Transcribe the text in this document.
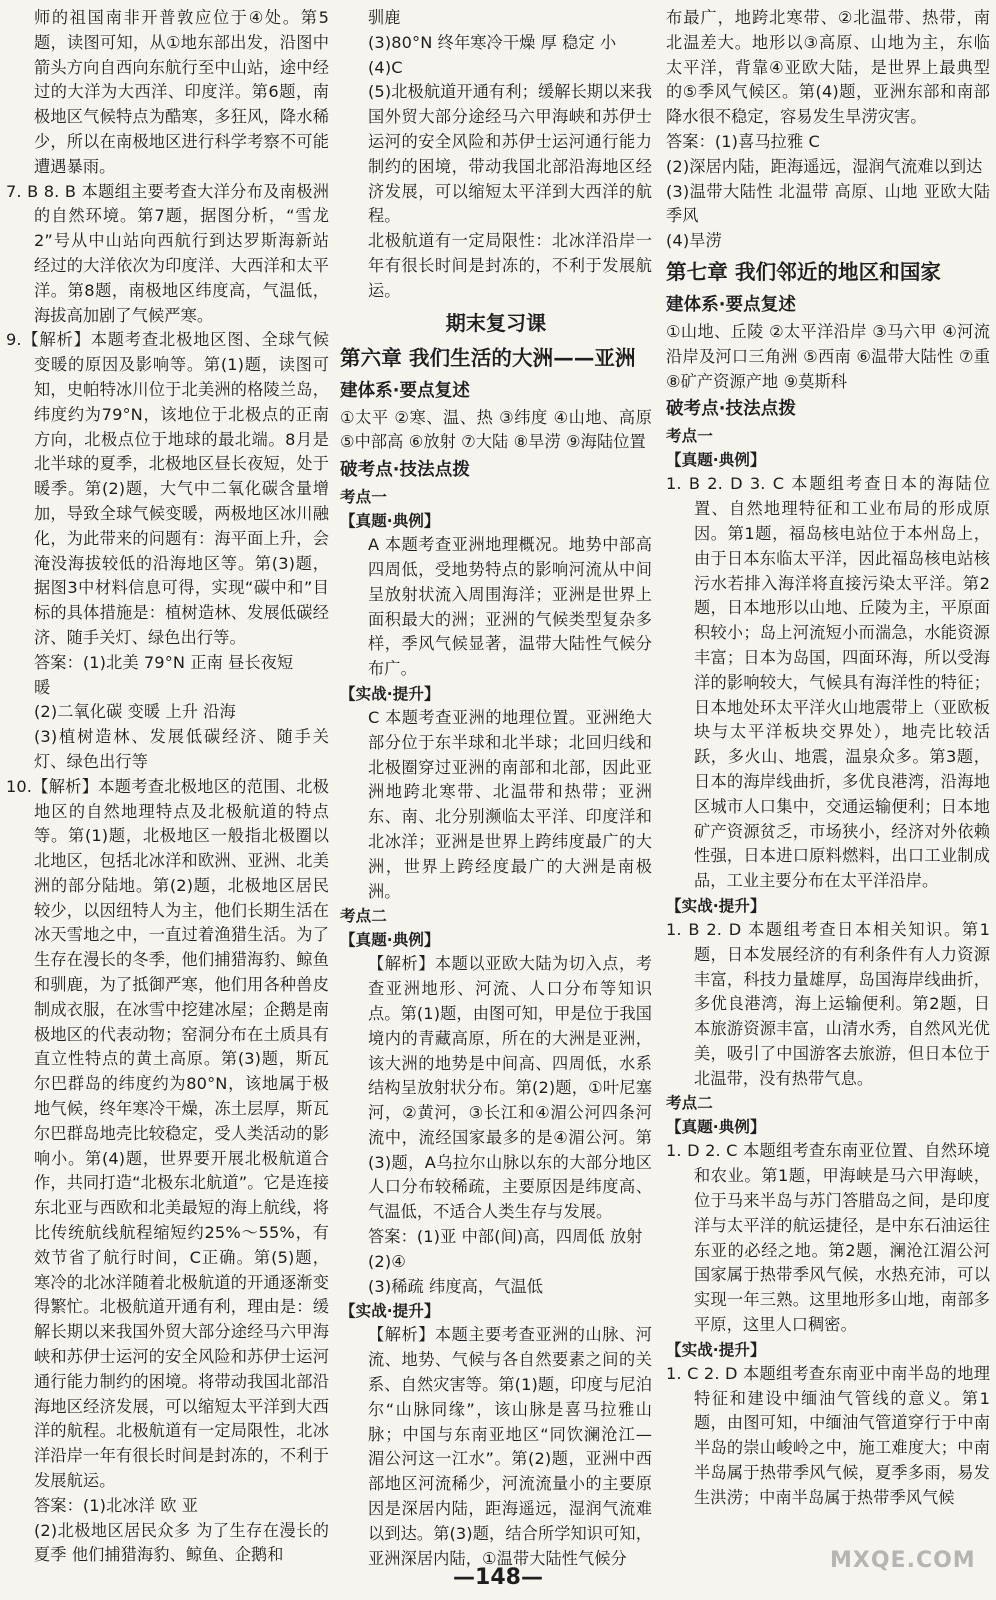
师的祖国南非开普敦应位于④处。第5题，读图可知，从①地东部出发，沿图中箭头方向自西向东航行至中山站，途中经过的大洋为大西洋、印度洋。第6题，南极地区气候特点为酷寒，多狂风，降水稀少，所以在南极地区进行科学考察不可能遭遇暴雨。

7. B 8. B 本题组主要考查大洋分布及南极洲的自然环境。第7题，据图分析，“雪龙2”号从中山站向西航行到达罗斯海新站经过的大洋依次为印度洋、大西洋和太平洋。第8题，南极地区纬度高，气温低，海拔高加剧了气候严寒。

9.【解析】本题考查北极地区图、全球气候变暖的原因及影响等。第(1)题，读图可知，史帕特冰川位于北美洲的格陵兰岛，纬度约为79°N，该地位于北极点的正南方向，北极点位于地球的最北端。8月是北半球的夏季，北极地区昼长夜短，处于暖季。第(2)题，大气中二氧化碳含量增加，导致全球气候变暖，两极地区冰川融化，为此带来的问题有：海平面上升，会淹没海拔较低的沿海地区等。第(3)题，据图3中材料信息可得，实现“碳中和”目标的具体措施是：植树造林、发展低碳经济、随手关灯、绿色出行等。

答案：(1)北美 79°N 正南 昼长夜短

暖

(2)二氧化碳 变暖 上升 沿海

(3)植树造林、发展低碳经济、随手关灯、绿色出行等

10.【解析】本题考查北极地区的范围、北极地区的自然地理特点及北极航道的特点等。第(1)题，北极地区一般指北极圈以北地区，包括北冰洋和欧洲、亚洲、北美洲的部分陆地。第(2)题，北极地区居民较少，以因纽特人为主，他们长期生活在冰天雪地之中，一直过着渔猎生活。为了生存在漫长的冬季，他们捕猎海豹、鲸鱼和驯鹿，为了抵御严寒，他们用各种兽皮制成衣服，在冰雪中挖建冰屋；企鹅是南极地区的代表动物；窑洞分布在土质具有直立性特点的黄土高原。第(3)题，斯瓦尔巴群岛的纬度约为80°N，该地属于极地气候，终年寒冷干燥，冻土层厚，斯瓦尔巴群岛地壳比较稳定，受人类活动的影响小。第(4)题，世界要开展北极航道合作，共同打造“北极东北航道”。它是连接东北亚与西欧和北美最短的海上航线，将比传统航线航程缩短约25%～55%，有效节省了航行时间，C正确。第(5)题，寒冷的北冰洋随着北极航道的开通逐渐变得繁忙。北极航道开通有利，理由是：缓解长期以来我国外贸大部分途经马六甲海峡和苏伊士运河的安全风险和苏伊士运河通行能力制约的困境。将带动我国北部沿海地区经济发展，可以缩短太平洋到大西洋的航程。北极航道有一定局限性，北冰洋沿岸一年有很长时间是封冻的，不利于发展航运。

答案：(1)北冰洋 欧 亚

(2)北极地区居民众多 为了生存在漫长的夏季 他们捕猎海豹、鲸鱼、企鹅和

驯鹿

(3)80°N 终年寒冷干燥 厚 稳定 小

(4)C

(5)北极航道开通有利；缓解长期以来我国外贸大部分途经马六甲海峡和苏伊士运河的安全风险和苏伊士运河通行能力制约的困境，带动我国北部沿海地区经济发展，可以缩短太平洋到大西洋的航程。

北极航道有一定局限性：北冰洋沿岸一年有很长时间是封冻的，不利于发展航运。

期末复习课

第六章 我们生活的大洲——亚洲

建体系·要点复述

①太平 ②寒、温、热 ③纬度 ④山地、高原 ⑤中部高 ⑥放射 ⑦大陆 ⑧旱涝 ⑨海陆位置

破考点·技法点拨

考点一

【真题·典例】

A 本题考查亚洲地理概况。地势中部高四周低，受地势特点的影响河流从中间呈放射状流入周围海洋；亚洲是世界上面积最大的洲；亚洲的气候类型复杂多样，季风气候显著，温带大陆性气候分布广。

【实战·提升】

C 本题考查亚洲的地理位置。亚洲绝大部分位于东半球和北半球；北回归线和北极圈穿过亚洲的南部和北部，因此亚洲地跨北寒带、北温带和热带；亚洲东、南、北分别濒临太平洋、印度洋和北冰洋；亚洲是世界上跨纬度最广的大洲，世界上跨经度最广的大洲是南极洲。

考点二

【真题·典例】

【解析】本题以亚欧大陆为切入点，考查亚洲地形、河流、人口分布等知识点。第(1)题，由图可知，甲是位于我国境内的青藏高原，所在的大洲是亚洲，该大洲的地势是中间高、四周低，水系结构呈放射状分布。第(2)题，①叶尼塞河，②黄河，③长江和④湄公河四条河流中，流经国家最多的是④湄公河。第(3)题，A乌拉尔山脉以东的大部分地区人口分布较稀疏，主要原因是纬度高、气温低，不适合人类生存与发展。

答案：(1)亚 中部(间)高，四周低 放射

(2)④

(3)稀疏 纬度高，气温低

【实战·提升】

【解析】本题主要考查亚洲的山脉、河流、地势、气候与各自然要素之间的关系、自然灾害等。第(1)题，印度与尼泊尔“山脉同缘”，该山脉是喜马拉雅山脉；中国与东南亚地区“同饮澜沧江—湄公河这一江水”。第(2)题，亚洲中西部地区河流稀少，河流流量小的主要原因是深居内陆，距海遥远，湿润气流难以到达。第(3)题，结合所学知识可知，亚洲深居内陆，①温带大陆性气候分

布最广，地跨北寒带、②北温带、热带，南北温差大。地形以③高原、山地为主，东临太平洋，背靠④亚欧大陆，是世界上最典型的⑤季风气候区。第(4)题，亚洲东部和南部降水很不稳定，容易发生旱涝灾害。

答案：(1)喜马拉雅 C

(2)深居内陆，距海遥远，湿润气流难以到达

(3)温带大陆性 北温带 高原、山地 亚欧大陆 季风

(4)旱涝

第七章 我们邻近的地区和国家

建体系·要点复述

①山地、丘陵 ②太平洋沿岸 ③马六甲 ④河流沿岸及河口三角洲 ⑤西南 ⑥温带大陆性 ⑦重 ⑧矿产资源产地 ⑨莫斯科

破考点·技法点拨

考点一

【真题·典例】

1. B 2. D 3. C 本题组考查日本的海陆位置、自然地理特征和工业布局的形成原因。第1题，福岛核电站位于本州岛上，由于日本东临太平洋，因此福岛核电站核污水若排入海洋将直接污染太平洋。第2题，日本地形以山地、丘陵为主，平原面积较小；岛上河流短小而湍急，水能资源丰富；日本为岛国，四面环海，所以受海洋的影响较大，气候具有海洋性的特征；日本地处环太平洋火山地震带上（亚欧板块与太平洋板块交界处），地壳比较活跃，多火山、地震，温泉众多。第3题，日本的海岸线曲折，多优良港湾，沿海地区城市人口集中，交通运输便利；日本地矿产资源贫乏，市场狭小，经济对外依赖性强，日本进口原料燃料，出口工业制成品，工业主要分布在太平洋沿岸。

【实战·提升】

1. B 2. D 本题组考查日本相关知识。第1题，日本发展经济的有利条件有人力资源丰富，科技力量雄厚，岛国海岸线曲折，多优良港湾，海上运输便利。第2题，日本旅游资源丰富，山清水秀，自然风光优美，吸引了中国游客去旅游，但日本位于北温带，没有热带气息。

考点二

【真题·典例】

1. D 2. C 本题组考查东南亚位置、自然环境和农业。第1题，甲海峡是马六甲海峡，位于马来半岛与苏门答腊岛之间，是印度洋与太平洋的航运捷径，是中东石油运往东亚的必经之地。第2题，澜沧江湄公河国家属于热带季风气候，水热充沛，可以实现一年三熟。这里地形多山地，南部多平原，这里人口稠密。

【实战·提升】

1. C 2. D 本题组考查东南亚中南半岛的地理特征和建设中缅油气管线的意义。第1题，由图可知，中缅油气管道穿行于中南半岛的崇山峻岭之中，施工难度大；中南半岛属于热带季风气候，夏季多雨，易发生洪涝；中南半岛属于热带季风气候

—148—
MXQE.COM
